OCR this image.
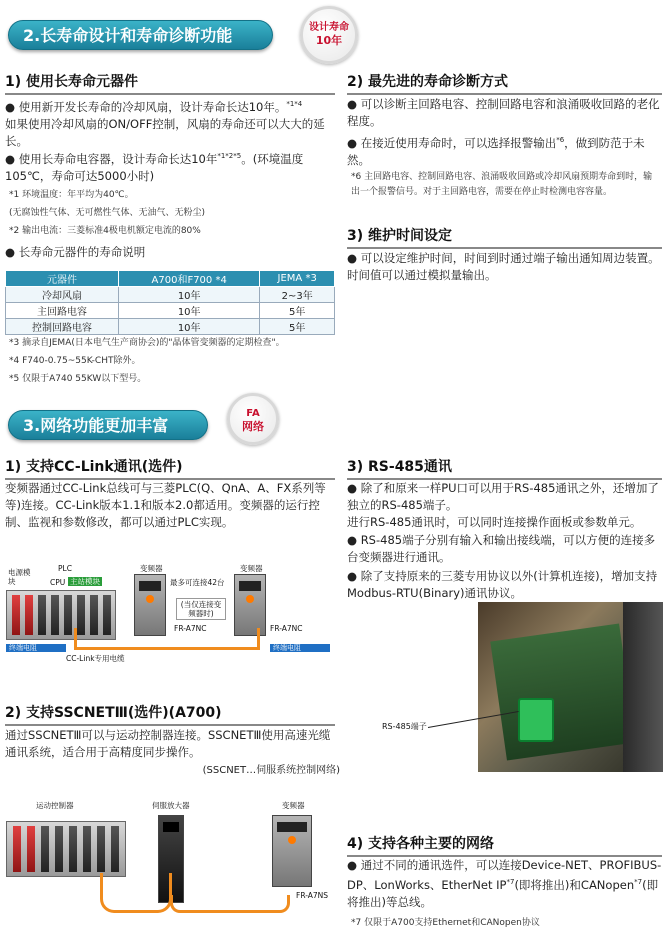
2.长寿命设计和寿命诊断功能	设计寿命
10年
1) 使用长寿命元器件
● 使用新开发长寿命的冷却风扇，设计寿命长达10年。$^{*1*4}$
如果使用冷却风扇的ON/OFF控制，风扇的寿命还可以大大的延长。
● 使用长寿命电容器，设计寿命长达10年$^{*1*2*5}$。(环境温度105℃，寿命可达5000小时)
*1 环境温度：年平均为40℃。
(无腐蚀性气体、无可燃性气体、无油气、无粉尘)
*2 输出电流：三菱标准4极电机额定电流的80%
● 长寿命元器件的寿命说明
元器件	A700和F700 *4	JEMA *3
冷却风扇	10年	2~3年
主回路电容	10年	5年
控制回路电容	10年	5年
*3 摘录自JEMA(日本电气生产商协会)的"晶体管变频器的定期检查"。
*4 F740-0.75~55K-CHT除外。
*5 仅限于A740 55KW以下型号。
2) 最先进的寿命诊断方式
● 可以诊断主回路电容、控制回路电容和浪涌吸收回路的老化程度。
● 在接近使用寿命时，可以选择报警输出$^{*6}$，做到防范于未然。
*6 主回路电容、控制回路电容、浪涌吸收回路或冷却风扇预期寿命到时，输出一个报警信号。对于主回路电容，需要在停止时检测电容容量。
3) 维护时间设定
● 可以设定维护时间，时间到时通过端子输出通知周边装置。时间值可以通过模拟量输出。
3.网络功能更加丰富
FA
网络
1) 支持CC-Link通讯(选件)
变频器通过CC-Link总线可与三菱PLC(Q、QnA、A、FX系列等等)连接。CC-Link版本1.1和版本2.0都适用。变频器的运行控制、监视和参数修改，都可以通过PLC实现。
电源模块
PLC
CPU 主站模块
变频器
最多可连接42台
(当仅连接变频器时)
变频器
FR-A7NC	FR-A7NC
终端电阻	终端电阻
CC-Link专用电缆
2) 支持SSCNETⅢ(选件)(A700)
通过SSCNETⅢ可以与运动控制器连接。SSCNETⅢ使用高速光缆通讯系统，适合用于高精度同步操作。
(SSCNET…伺服系统控制网络)
运动控制器	伺服放大器	变频器
FR-A7NS
3) RS-485通讯
● 除了和原来一样PU口可以用于RS-485通讯之外，还增加了独立的RS-485端子。
进行RS-485通讯时，可以同时连接操作面板或参数单元。
● RS-485端子分别有输入和输出接线端，可以方便的连接多台变频器进行通讯。
● 除了支持原来的三菱专用协议以外(计算机连接)，增加支持Modbus-RTU(Binary)通讯协议。
RS-485端子
4) 支持各种主要的网络
● 通过不同的通讯选件，可以连接Device-NET、PROFIBUS-DP、LonWorks、EtherNet IP$^{*7}$(即将推出)和CANopen$^{*7}$(即将推出)等总线。
*7 仅限于A700支持Ethernet和CANopen协议
